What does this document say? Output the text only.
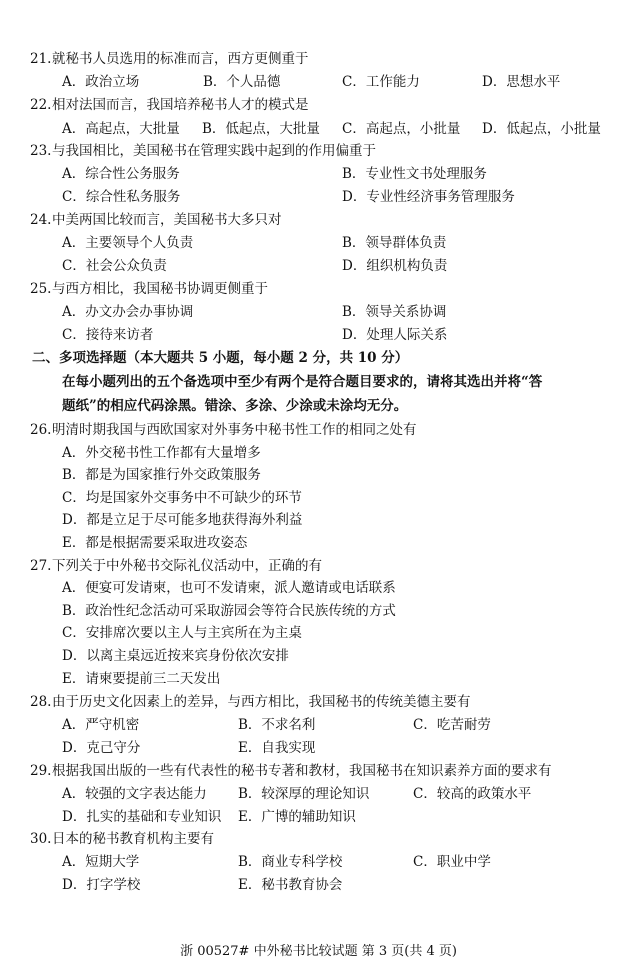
21. 就秘书人员选用的标准而言，西方更侧重于
A．政治立场	B．个人品德	C．工作能力	D．思想水平
22. 相对法国而言，我国培养秘书人才的模式是
A．高起点，大批量 B．低起点，大批量 C．高起点，小批量 D．低起点，小批量
23. 与我国相比，美国秘书在管理实践中起到的作用偏重于
A．综合性公务服务	B．专业性文书处理服务
C．综合性私务服务	D．专业性经济事务管理服务
24. 中美两国比较而言，美国秘书大多只对
A．主要领导个人负责	B．领导群体负责
C．社会公众负责	D．组织机构负责
25. 与西方相比，我国秘书协调更侧重于
A．办文办会办事协调	B．领导关系协调
C．接待来访者	D．处理人际关系
二、多项选择题（本大题共 5 小题，每小题 2 分，共 10 分）
在每小题列出的五个备选项中至少有两个是符合题目要求的，请将其选出并将“答
题纸”的相应代码涂黑。错涂、多涂、少涂或未涂均无分。
26. 明清时期我国与西欧国家对外事务中秘书性工作的相同之处有
A．外交秘书性工作都有大量增多
B．都是为国家推行外交政策服务
C．均是国家外交事务中不可缺少的环节
D．都是立足于尽可能多地获得海外利益
E．都是根据需要采取进攻姿态
27. 下列关于中外秘书交际礼仪活动中，正确的有
A．便宴可发请柬，也可不发请柬，派人邀请或电话联系
B．政治性纪念活动可采取游园会等符合民族传统的方式
C．安排席次要以主人与主宾所在为主桌
D．以离主桌远近按来宾身份依次安排
E．请柬要提前三二天发出
28. 由于历史文化因素上的差异，与西方相比，我国秘书的传统美德主要有
A．严守机密	B．不求名利	C．吃苦耐劳
D．克己守分	E．自我实现
29. 根据我国出版的一些有代表性的秘书专著和教材，我国秘书在知识素养方面的要求有
A．较强的文字表达能力 B．较深厚的理论知识	C．较高的政策水平
D．扎实的基础和专业知识 E．广博的辅助知识
30. 日本的秘书教育机构主要有
A．短期大学	B．商业专科学校	C．职业中学
D．打字学校	E．秘书教育协会
浙 00527# 中外秘书比较试题 第 3 页(共 4 页)
